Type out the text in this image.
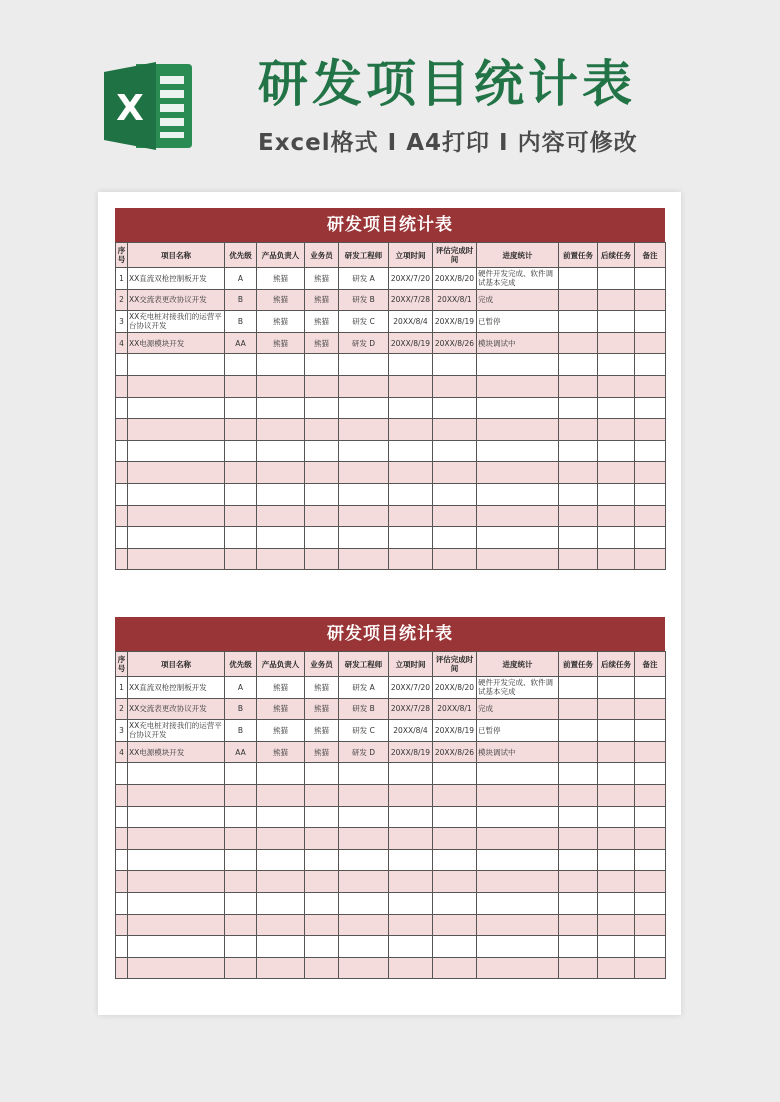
X 研发项目统计表
Excel格式 I A4打印 I 内容可修改
研发项目统计表
序号	项目名称	优先级	产品负责人	业务员	研发工程师	立项时间	评估完成时间	进度统计	前置任务	后续任务	备注
1	XX直流双枪控制板开发	A	熊猫	熊猫	研发 A	20XX/7/20	20XX/8/20	硬件开发完成、软件调试基本完成			
2	XX交流表更改协议开发	B	熊猫	熊猫	研发 B	20XX/7/28	20XX/8/1	完成			
3	XX充电桩对接我们的运营平台协议开发	B	熊猫	熊猫	研发 C	20XX/8/4	20XX/8/19	已暂停			
4	XX电源模块开发	AA	熊猫	熊猫	研发 D	20XX/8/19	20XX/8/26	模块调试中			

研发项目统计表
序号	项目名称	优先级	产品负责人	业务员	研发工程师	立项时间	评估完成时间	进度统计	前置任务	后续任务	备注
1	XX直流双枪控制板开发	A	熊猫	熊猫	研发 A	20XX/7/20	20XX/8/20	硬件开发完成、软件调试基本完成			
2	XX交流表更改协议开发	B	熊猫	熊猫	研发 B	20XX/7/28	20XX/8/1	完成			
3	XX充电桩对接我们的运营平台协议开发	B	熊猫	熊猫	研发 C	20XX/8/4	20XX/8/19	已暂停			
4	XX电源模块开发	AA	熊猫	熊猫	研发 D	20XX/8/19	20XX/8/26	模块调试中			
